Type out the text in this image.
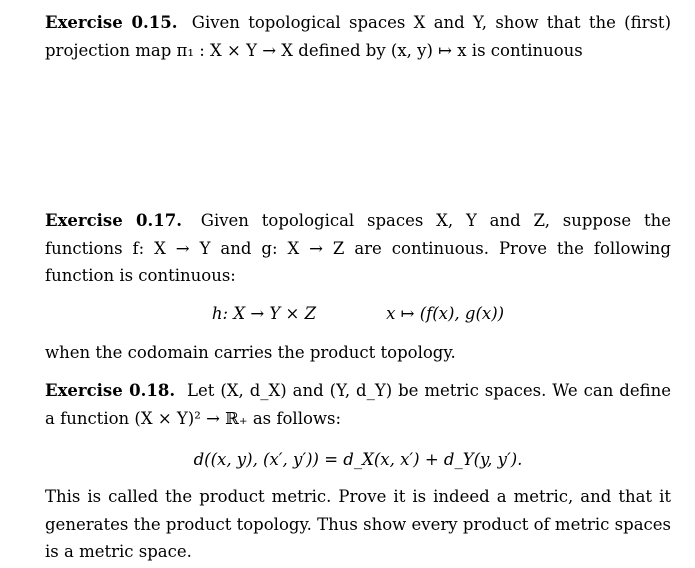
Exercise 0.15. Given topological spaces X and Y, show that the (first) projection map π₁ : X × Y → X defined by (x, y) ↦ x is continuous

Exercise 0.17. Given topological spaces X, Y and Z, suppose the functions f: X → Y and g: X → Z are continuous. Prove the following function is continuous:

h: X → Y × Z	x ↦ (f(x), g(x))

when the codomain carries the product topology.

Exercise 0.18. Let (X, d_X) and (Y, d_Y) be metric spaces. We can define a function (X × Y)² → ℝ₊ as follows:

d((x, y), (x′, y′)) = d_X(x, x′) + d_Y(y, y′).

This is called the product metric. Prove it is indeed a metric, and that it generates the product topology. Thus show every product of metric spaces is a metric space.
